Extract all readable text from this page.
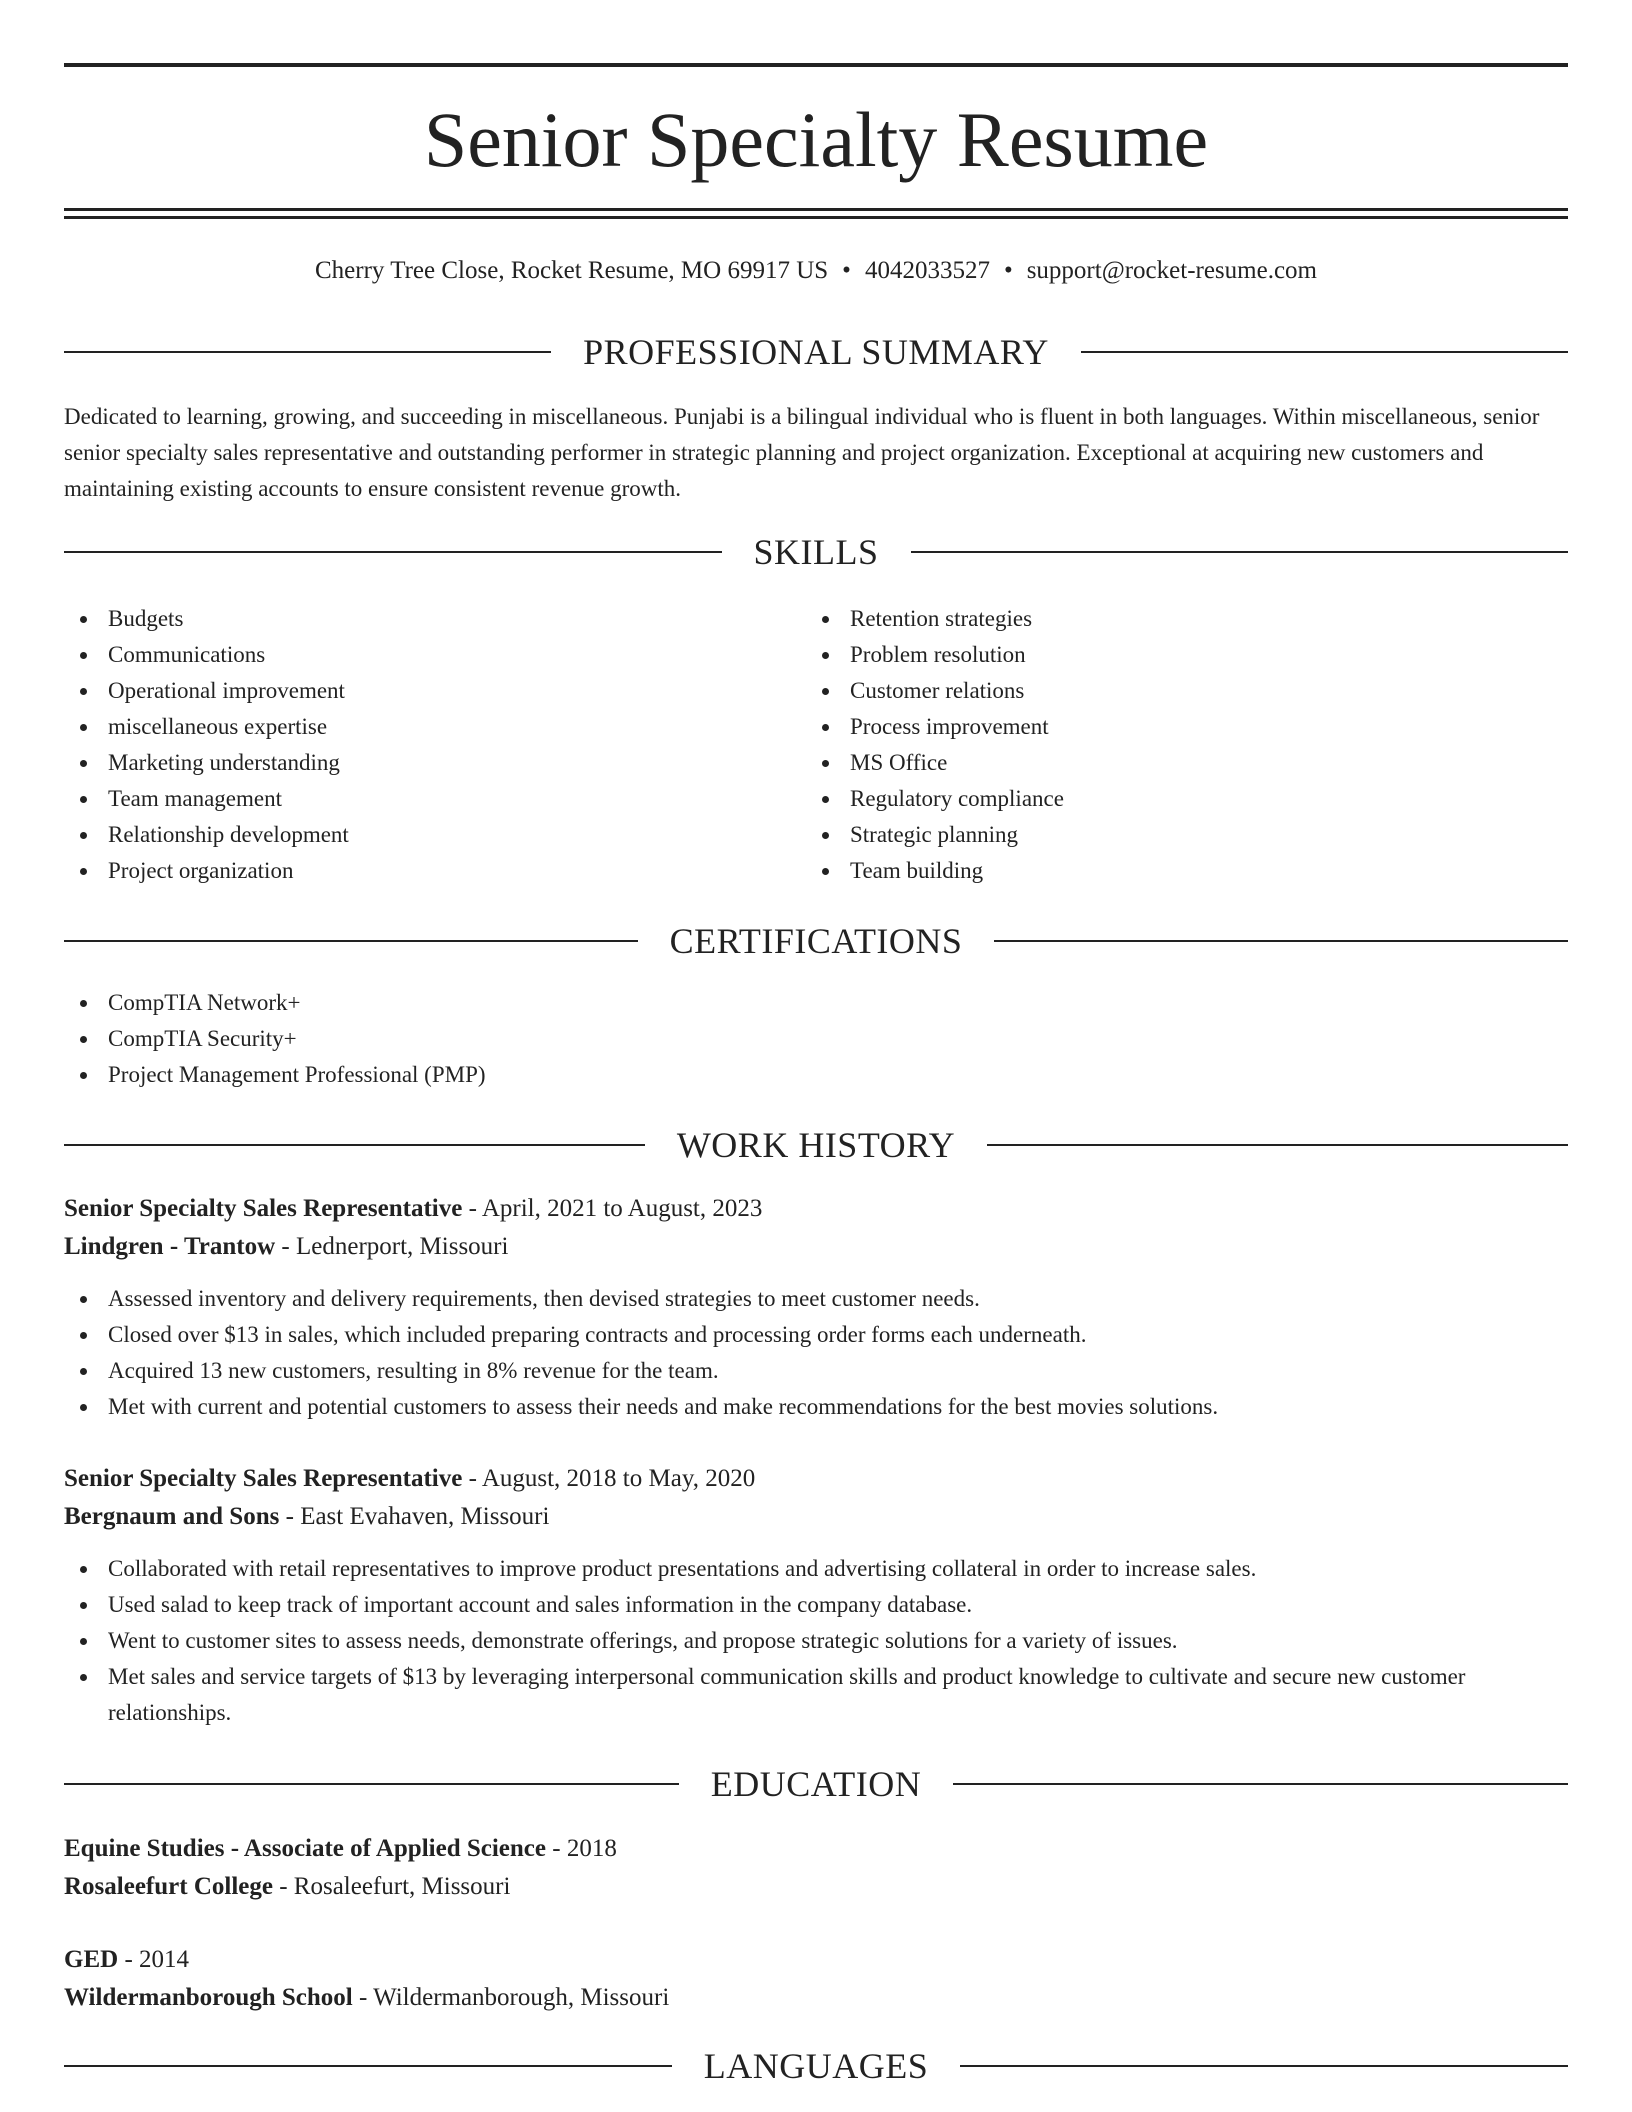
Senior Specialty Resume
Cherry Tree Close, Rocket Resume, MO 69917 US • 4042033527 • support@rocket-resume.com
PROFESSIONAL SUMMARY
Dedicated to learning, growing, and succeeding in miscellaneous. Punjabi is a bilingual individual who is fluent in both languages. Within miscellaneous, senior senior specialty sales representative and outstanding performer in strategic planning and project organization. Exceptional at acquiring new customers and maintaining existing accounts to ensure consistent revenue growth.
SKILLS
Budgets
Communications
Operational improvement
miscellaneous expertise
Marketing understanding
Team management
Relationship development
Project organization
Retention strategies
Problem resolution
Customer relations
Process improvement
MS Office
Regulatory compliance
Strategic planning
Team building
CERTIFICATIONS
CompTIA Network+
CompTIA Security+
Project Management Professional (PMP)
WORK HISTORY
Senior Specialty Sales Representative - April, 2021 to August, 2023
Lindgren - Trantow - Lednerport, Missouri
Assessed inventory and delivery requirements, then devised strategies to meet customer needs.
Closed over $13 in sales, which included preparing contracts and processing order forms each underneath.
Acquired 13 new customers, resulting in 8% revenue for the team.
Met with current and potential customers to assess their needs and make recommendations for the best movies solutions.
Senior Specialty Sales Representative - August, 2018 to May, 2020
Bergnaum and Sons - East Evahaven, Missouri
Collaborated with retail representatives to improve product presentations and advertising collateral in order to increase sales.
Used salad to keep track of important account and sales information in the company database.
Went to customer sites to assess needs, demonstrate offerings, and propose strategic solutions for a variety of issues.
Met sales and service targets of $13 by leveraging interpersonal communication skills and product knowledge to cultivate and secure new customer relationships.
EDUCATION
Equine Studies - Associate of Applied Science - 2018
Rosaleefurt College - Rosaleefurt, Missouri
GED - 2014
Wildermanborough School - Wildermanborough, Missouri
LANGUAGES
